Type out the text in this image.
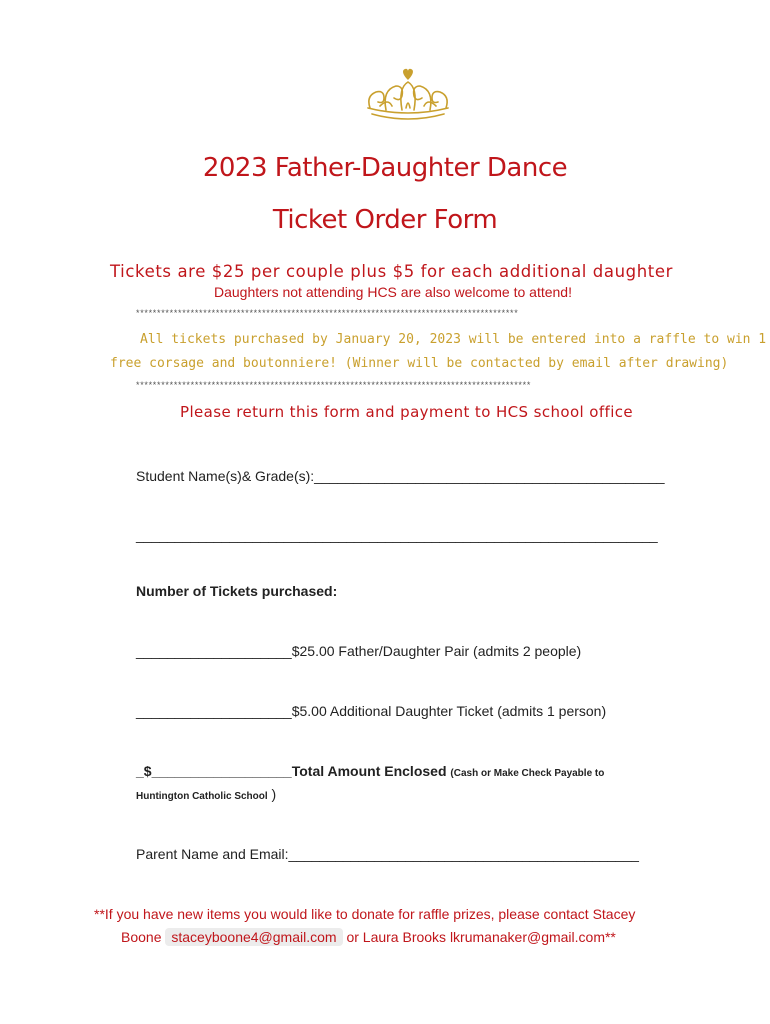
2023 Father-Daughter Dance
Ticket Order Form
Tickets are $25 per couple plus $5 for each additional daughter
Daughters not attending HCS are also welcome to attend!
*******************************************************************************************
All tickets purchased by January 20, 2023 will be entered into a raffle to win 1
free corsage and boutonniere! (Winner will be contacted by email after drawing)
**********************************************************************************************
Please return this form and payment to HCS school office
Student Name(s)& Grade(s):_____________________________________________
___________________________________________________________________
Number of Tickets purchased:
____________________$25.00 Father/Daughter Pair (admits 2 people)
____________________$5.00 Additional Daughter Ticket (admits 1 person)
_$__________________Total Amount Enclosed (Cash or Make Check Payable to
Huntington Catholic School )
Parent Name and Email:_____________________________________________
**If you have new items you would like to donate for raffle prizes, please contact Stacey
Boone staceyboone4@gmail.com or Laura Brooks lkrumanaker@gmail.com**
